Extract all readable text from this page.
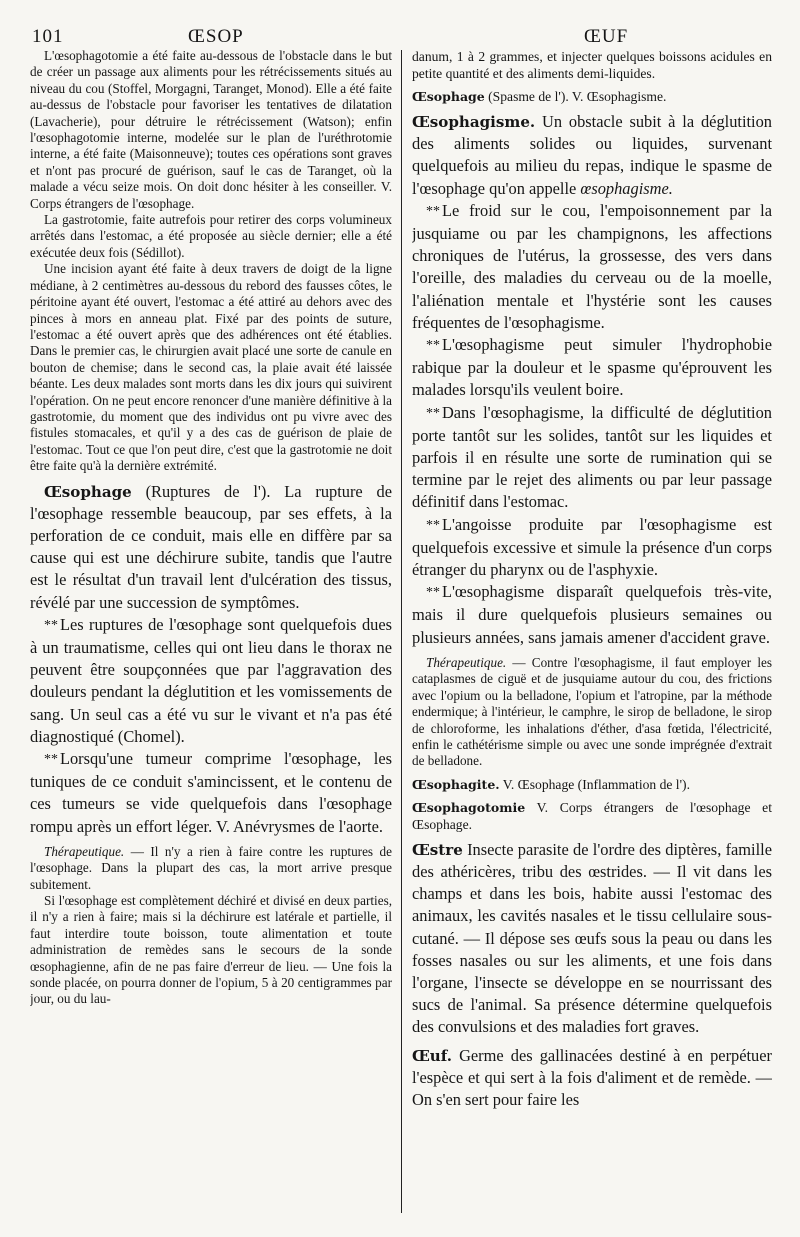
101	ŒSOP	ŒUF

L'œsophagotomie a été faite au-dessous de l'obstacle dans le but de créer un passage aux aliments pour les rétrécissements situés au niveau du cou (Stoffel, Morgagni, Taranget, Monod). Elle a été faite au-dessus de l'obstacle pour favoriser les tentatives de dilatation (Lavacherie), pour détruire le rétrécissement (Watson); enfin l'œsophagotomie interne, modelée sur le plan de l'uréthrotomie interne, a été faite (Maisonneuve); toutes ces opérations sont graves et n'ont pas procuré de guérison, sauf le cas de Taranget, où la malade a vécu seize mois. On doit donc hésiter à les conseiller. V. Corps étrangers de l'œsophage.

La gastrotomie, faite autrefois pour retirer des corps volumineux arrêtés dans l'estomac, a été proposée au siècle dernier; elle a été exécutée deux fois (Sédillot).

Une incision ayant été faite à deux travers de doigt de la ligne médiane, à 2 centimètres au-dessous du rebord des fausses côtes, le péritoine ayant été ouvert, l'estomac a été attiré au dehors avec des pinces à mors en anneau plat. Fixé par des points de suture, l'estomac a été ouvert après que des adhérences ont été établies. Dans le premier cas, le chirurgien avait placé une sorte de canule en bouton de chemise; dans le second cas, la plaie avait été laissée béante. Les deux malades sont morts dans les dix jours qui suivirent l'opération. On ne peut encore renoncer d'une manière définitive à la gastrotomie, du moment que des individus ont pu vivre avec des fistules stomacales, et qu'il y a des cas de guérison de plaie de l'estomac. Tout ce que l'on peut dire, c'est que la gastrotomie ne doit être faite qu'à la dernière extrémité.

Œsophage (Ruptures de l'). La rupture de l'œsophage ressemble beaucoup, par ses effets, à la perforation de ce conduit, mais elle en diffère par sa cause qui est une déchirure subite, tandis que l'autre est le résultat d'un travail lent d'ulcération des tissus, révélé par une succession de symptômes.

** Les ruptures de l'œsophage sont quelquefois dues à un traumatisme, celles qui ont lieu dans le thorax ne peuvent être soupçonnées que par l'aggravation des douleurs pendant la déglutition et les vomissements de sang. Un seul cas a été vu sur le vivant et n'a pas été diagnostiqué (Chomel).

** Lorsqu'une tumeur comprime l'œsophage, les tuniques de ce conduit s'amincissent, et le contenu de ces tumeurs se vide quelquefois dans l'œsophage rompu après un effort léger. V. Anévrysmes de l'aorte.

Thérapeutique. — Il n'y a rien à faire contre les ruptures de l'œsophage. Dans la plupart des cas, la mort arrive presque subitement.

Si l'œsophage est complètement déchiré et divisé en deux parties, il n'y a rien à faire; mais si la déchirure est latérale et partielle, il faut interdire toute boisson, toute alimentation et toute administration de remèdes sans le secours de la sonde œsophagienne, afin de ne pas faire d'erreur de lieu. — Une fois la sonde placée, on pourra donner de l'opium, 5 à 20 centigrammes par jour, ou du lau-

danum, 1 à 2 grammes, et injecter quelques boissons acidules en petite quantité et des aliments demi-liquides.

Œsophage (Spasme de l'). V. Œsophagisme.

Œsophagisme. Un obstacle subit à la déglutition des aliments solides ou liquides, survenant quelquefois au milieu du repas, indique le spasme de l'œsophage qu'on appelle œsophagisme.

** Le froid sur le cou, l'empoisonnement par la jusquiame ou par les champignons, les affections chroniques de l'utérus, la grossesse, des vers dans l'oreille, des maladies du cerveau ou de la moelle, l'aliénation mentale et l'hystérie sont les causes fréquentes de l'œsophagisme.

** L'œsophagisme peut simuler l'hydrophobie rabique par la douleur et le spasme qu'éprouvent les malades lorsqu'ils veulent boire.

** Dans l'œsophagisme, la difficulté de déglutition porte tantôt sur les solides, tantôt sur les liquides et parfois il en résulte une sorte de rumination qui se termine par le rejet des aliments ou par leur passage définitif dans l'estomac.

** L'angoisse produite par l'œsophagisme est quelquefois excessive et simule la présence d'un corps étranger du pharynx ou de l'asphyxie.

** L'œsophagisme disparaît quelquefois très-vite, mais il dure quelquefois plusieurs semaines ou plusieurs années, sans jamais amener d'accident grave.

Thérapeutique. — Contre l'œsophagisme, il faut employer les cataplasmes de ciguë et de jusquiame autour du cou, des frictions avec l'opium ou la belladone, l'opium et l'atropine, par la méthode endermique; à l'intérieur, le camphre, le sirop de belladone, le sirop de chloroforme, les inhalations d'éther, d'asa fœtida, l'électricité, enfin le cathétérisme simple ou avec une sonde imprégnée d'extrait de belladone.

Œsophagite. V. Œsophage (Inflammation de l').

Œsophagotomie V. Corps étrangers de l'œsophage et Œsophage.

Œstre Insecte parasite de l'ordre des diptères, famille des athéricères, tribu des œstrides. — Il vit dans les champs et dans les bois, habite aussi l'estomac des animaux, les cavités nasales et le tissu cellulaire sous-cutané. — Il dépose ses œufs sous la peau ou dans les fosses nasales ou sur les aliments, et une fois dans l'organe, l'insecte se développe en se nourrissant des sucs de l'animal. Sa présence détermine quelquefois des convulsions et des maladies fort graves.

Œuf. Germe des gallinacées destiné à en perpétuer l'espèce et qui sert à la fois d'aliment et de remède. — On s'en sert pour faire les
